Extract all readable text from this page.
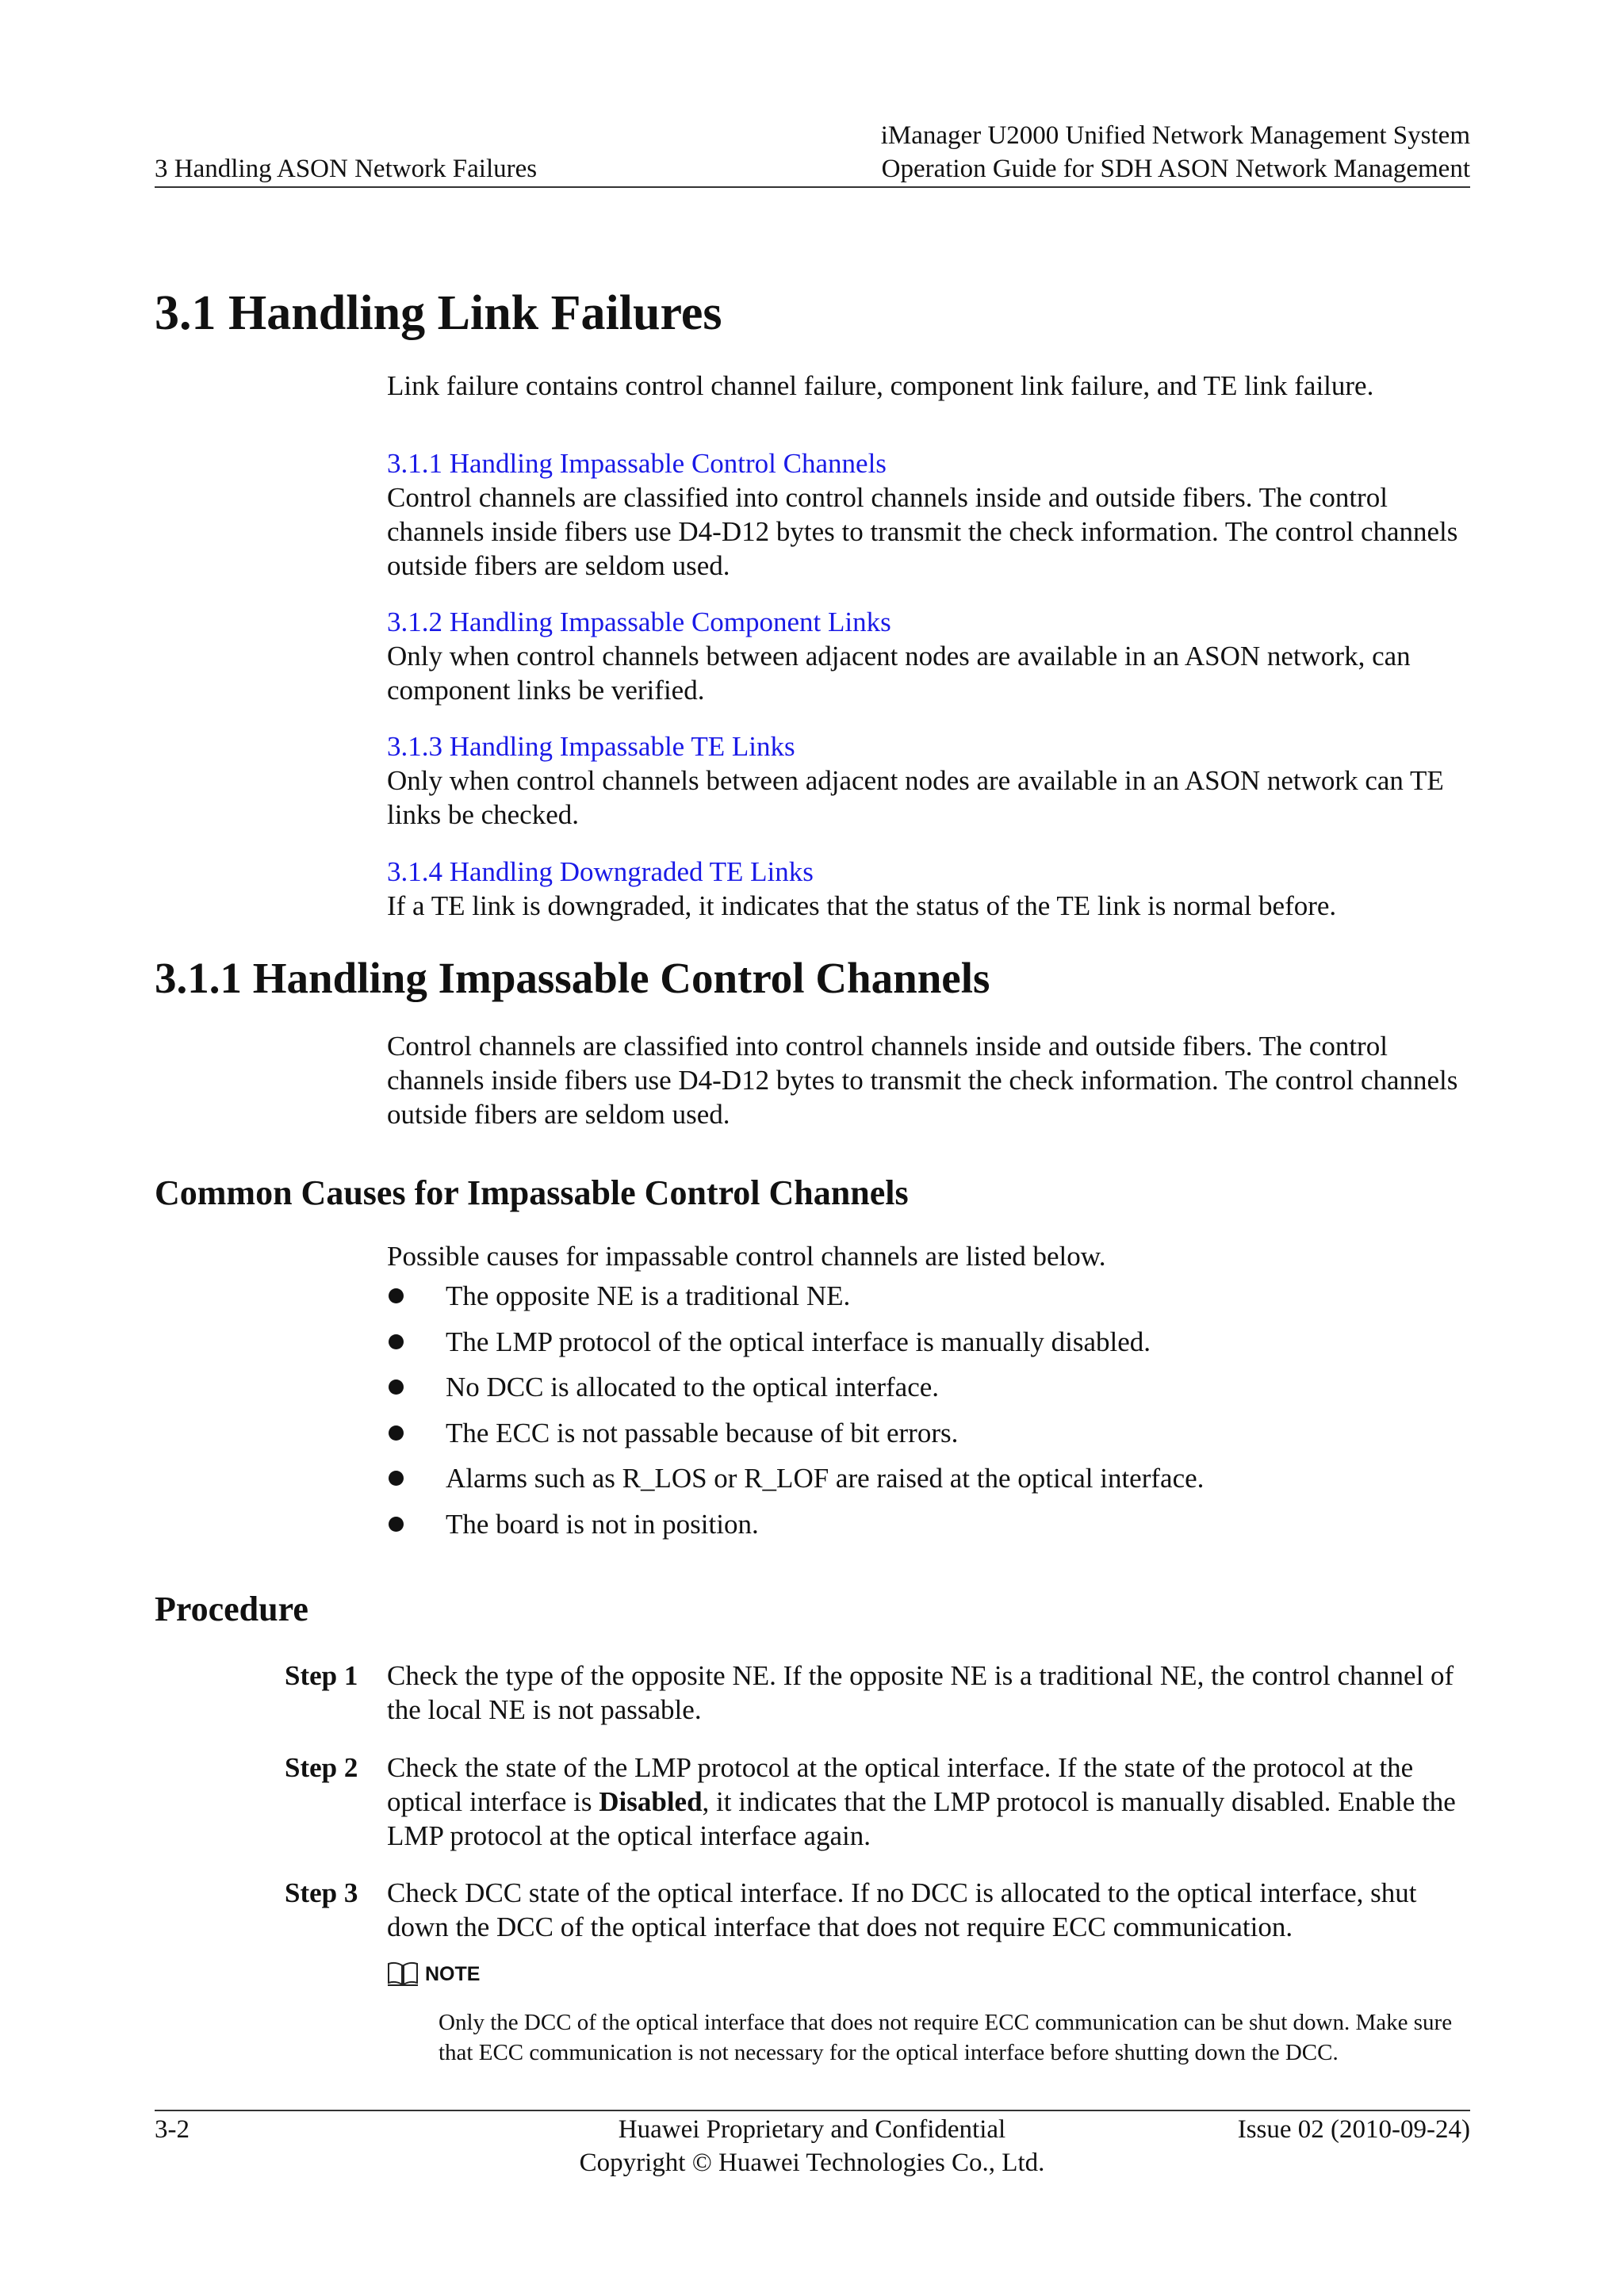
iManager U2000 Unified Network Management System
Operation Guide for SDH ASON Network Management
3 Handling ASON Network Failures
3.1 Handling Link Failures

Link failure contains control channel failure, component link failure, and TE link failure.

3.1.1 Handling Impassable Control Channels

Control channels are classified into control channels inside and outside fibers. The control channels inside fibers use D4-D12 bytes to transmit the check information. The control channels outside fibers are seldom used.

3.1.2 Handling Impassable Component Links

Only when control channels between adjacent nodes are available in an ASON network, can component links be verified.

3.1.3 Handling Impassable TE Links

Only when control channels between adjacent nodes are available in an ASON network can TE links be checked.

3.1.4 Handling Downgraded TE Links

If a TE link is downgraded, it indicates that the status of the TE link is normal before.

3.1.1 Handling Impassable Control Channels

Control channels are classified into control channels inside and outside fibers. The control channels inside fibers use D4-D12 bytes to transmit the check information. The control channels outside fibers are seldom used.

Common Causes for Impassable Control Channels
Possible causes for impassable control channels are listed below.
The opposite NE is a traditional NE.
The LMP protocol of the optical interface is manually disabled.
No DCC is allocated to the optical interface.
The ECC is not passable because of bit errors.
Alarms such as R_LOS or R_LOF are raised at the optical interface.
The board is not in position.
Procedure
Step 1	Check the type of the opposite NE. If the opposite NE is a traditional NE, the control channel of the local NE is not passable.
Step 2	Check the state of the LMP protocol at the optical interface. If the state of the protocol at the optical interface is Disabled, it indicates that the LMP protocol is manually disabled. Enable the LMP protocol at the optical interface again.
Step 3	Check DCC state of the optical interface. If no DCC is allocated to the optical interface, shut down the DCC of the optical interface that does not require ECC communication.
NOTE
Only the DCC of the optical interface that does not require ECC communication can be shut down. Make sure that ECC communication is not necessary for the optical interface before shutting down the DCC.
3-2	Huawei Proprietary and Confidential
Copyright © Huawei Technologies Co., Ltd.
Issue 02 (2010-09-24)
